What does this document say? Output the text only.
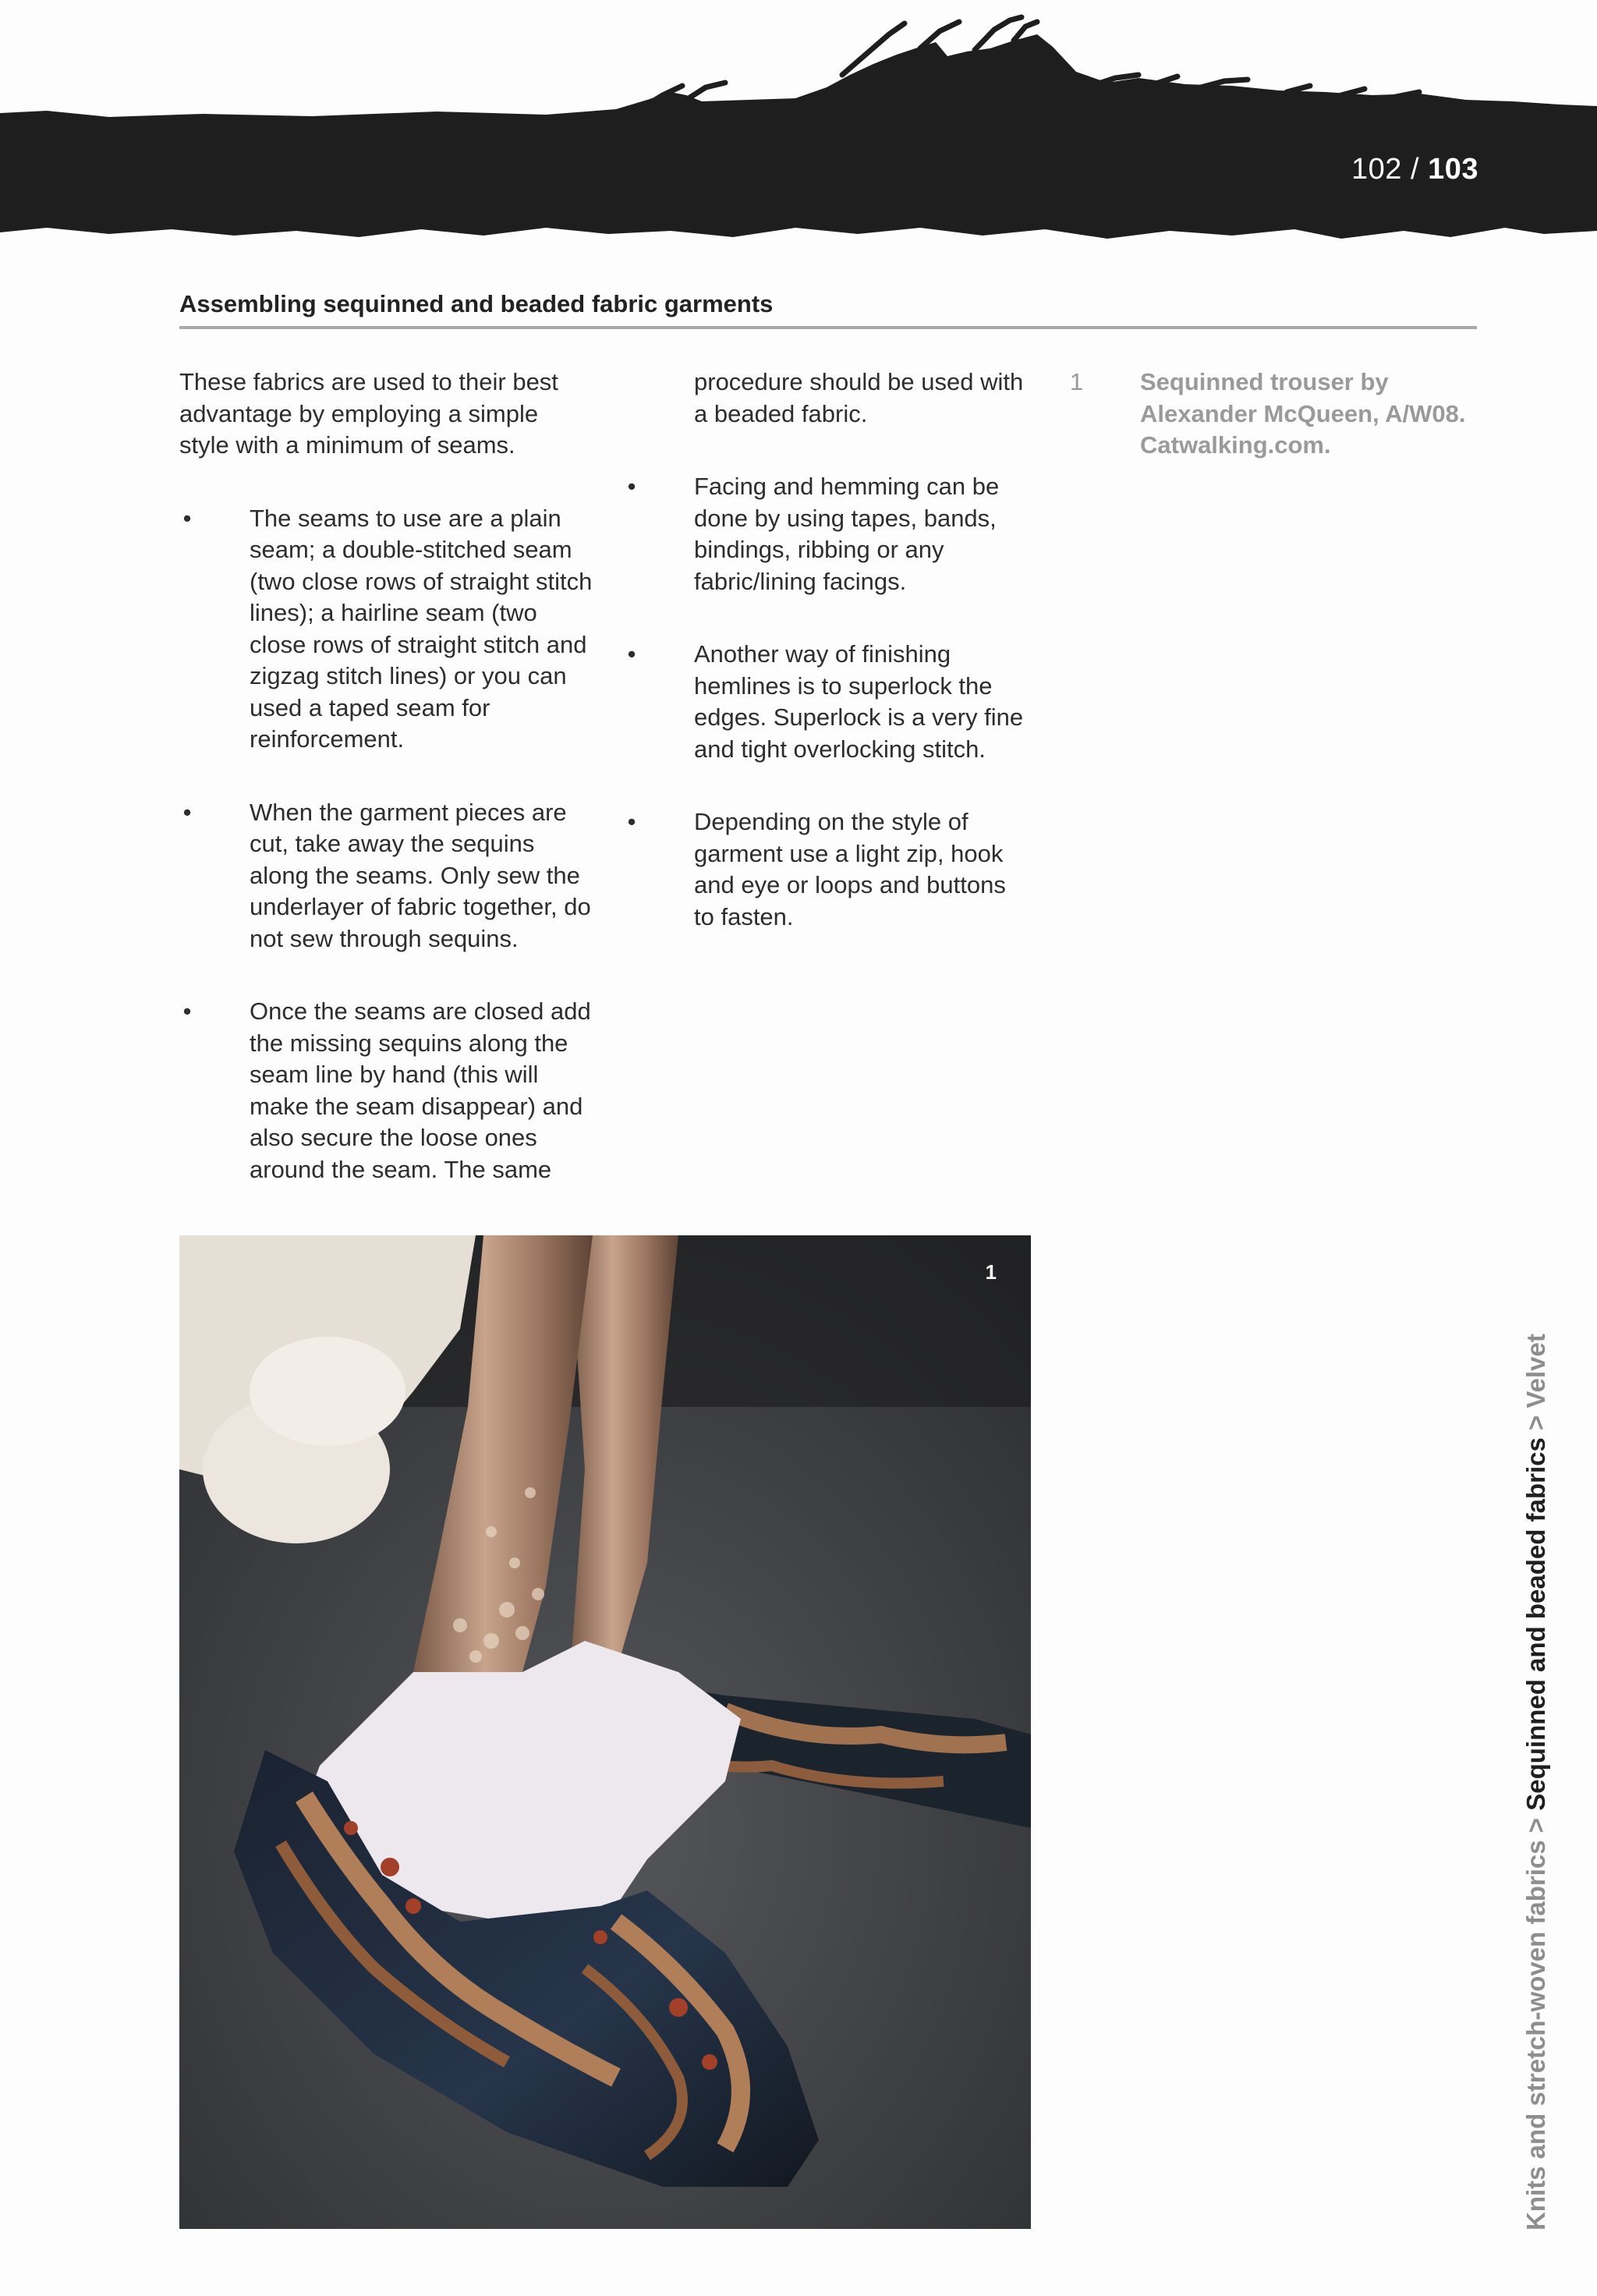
102 / 103
Assembling sequinned and beaded fabric garments

These fabrics are used to their best advantage by employing a simple style with a minimum of seams.

• The seams to use are a plain seam; a double-stitched seam (two close rows of straight stitch lines); a hairline seam (two close rows of straight stitch and zigzag stitch lines) or you can used a taped seam for reinforcement.
• When the garment pieces are cut, take away the sequins along the seams. Only sew the underlayer of fabric together, do not sew through sequins.
• Once the seams are closed add the missing sequins along the seam line by hand (this will make the seam disappear) and also secure the loose ones around the seam. The same

procedure should be used with a beaded fabric.

• Facing and hemming can be done by using tapes, bands, bindings, ribbing or any fabric/lining facings.
• Another way of finishing hemlines is to superlock the edges. Superlock is a very fine and tight overlocking stitch.
• Depending on the style of garment use a light zip, hook and eye or loops and buttons to fasten.
1 Sequinned trouser by
Alexander McQueen, A/W08.
Catwalking.com.
1
Knits and stretch-woven fabrics > Sequinned and beaded fabrics > Velvet
